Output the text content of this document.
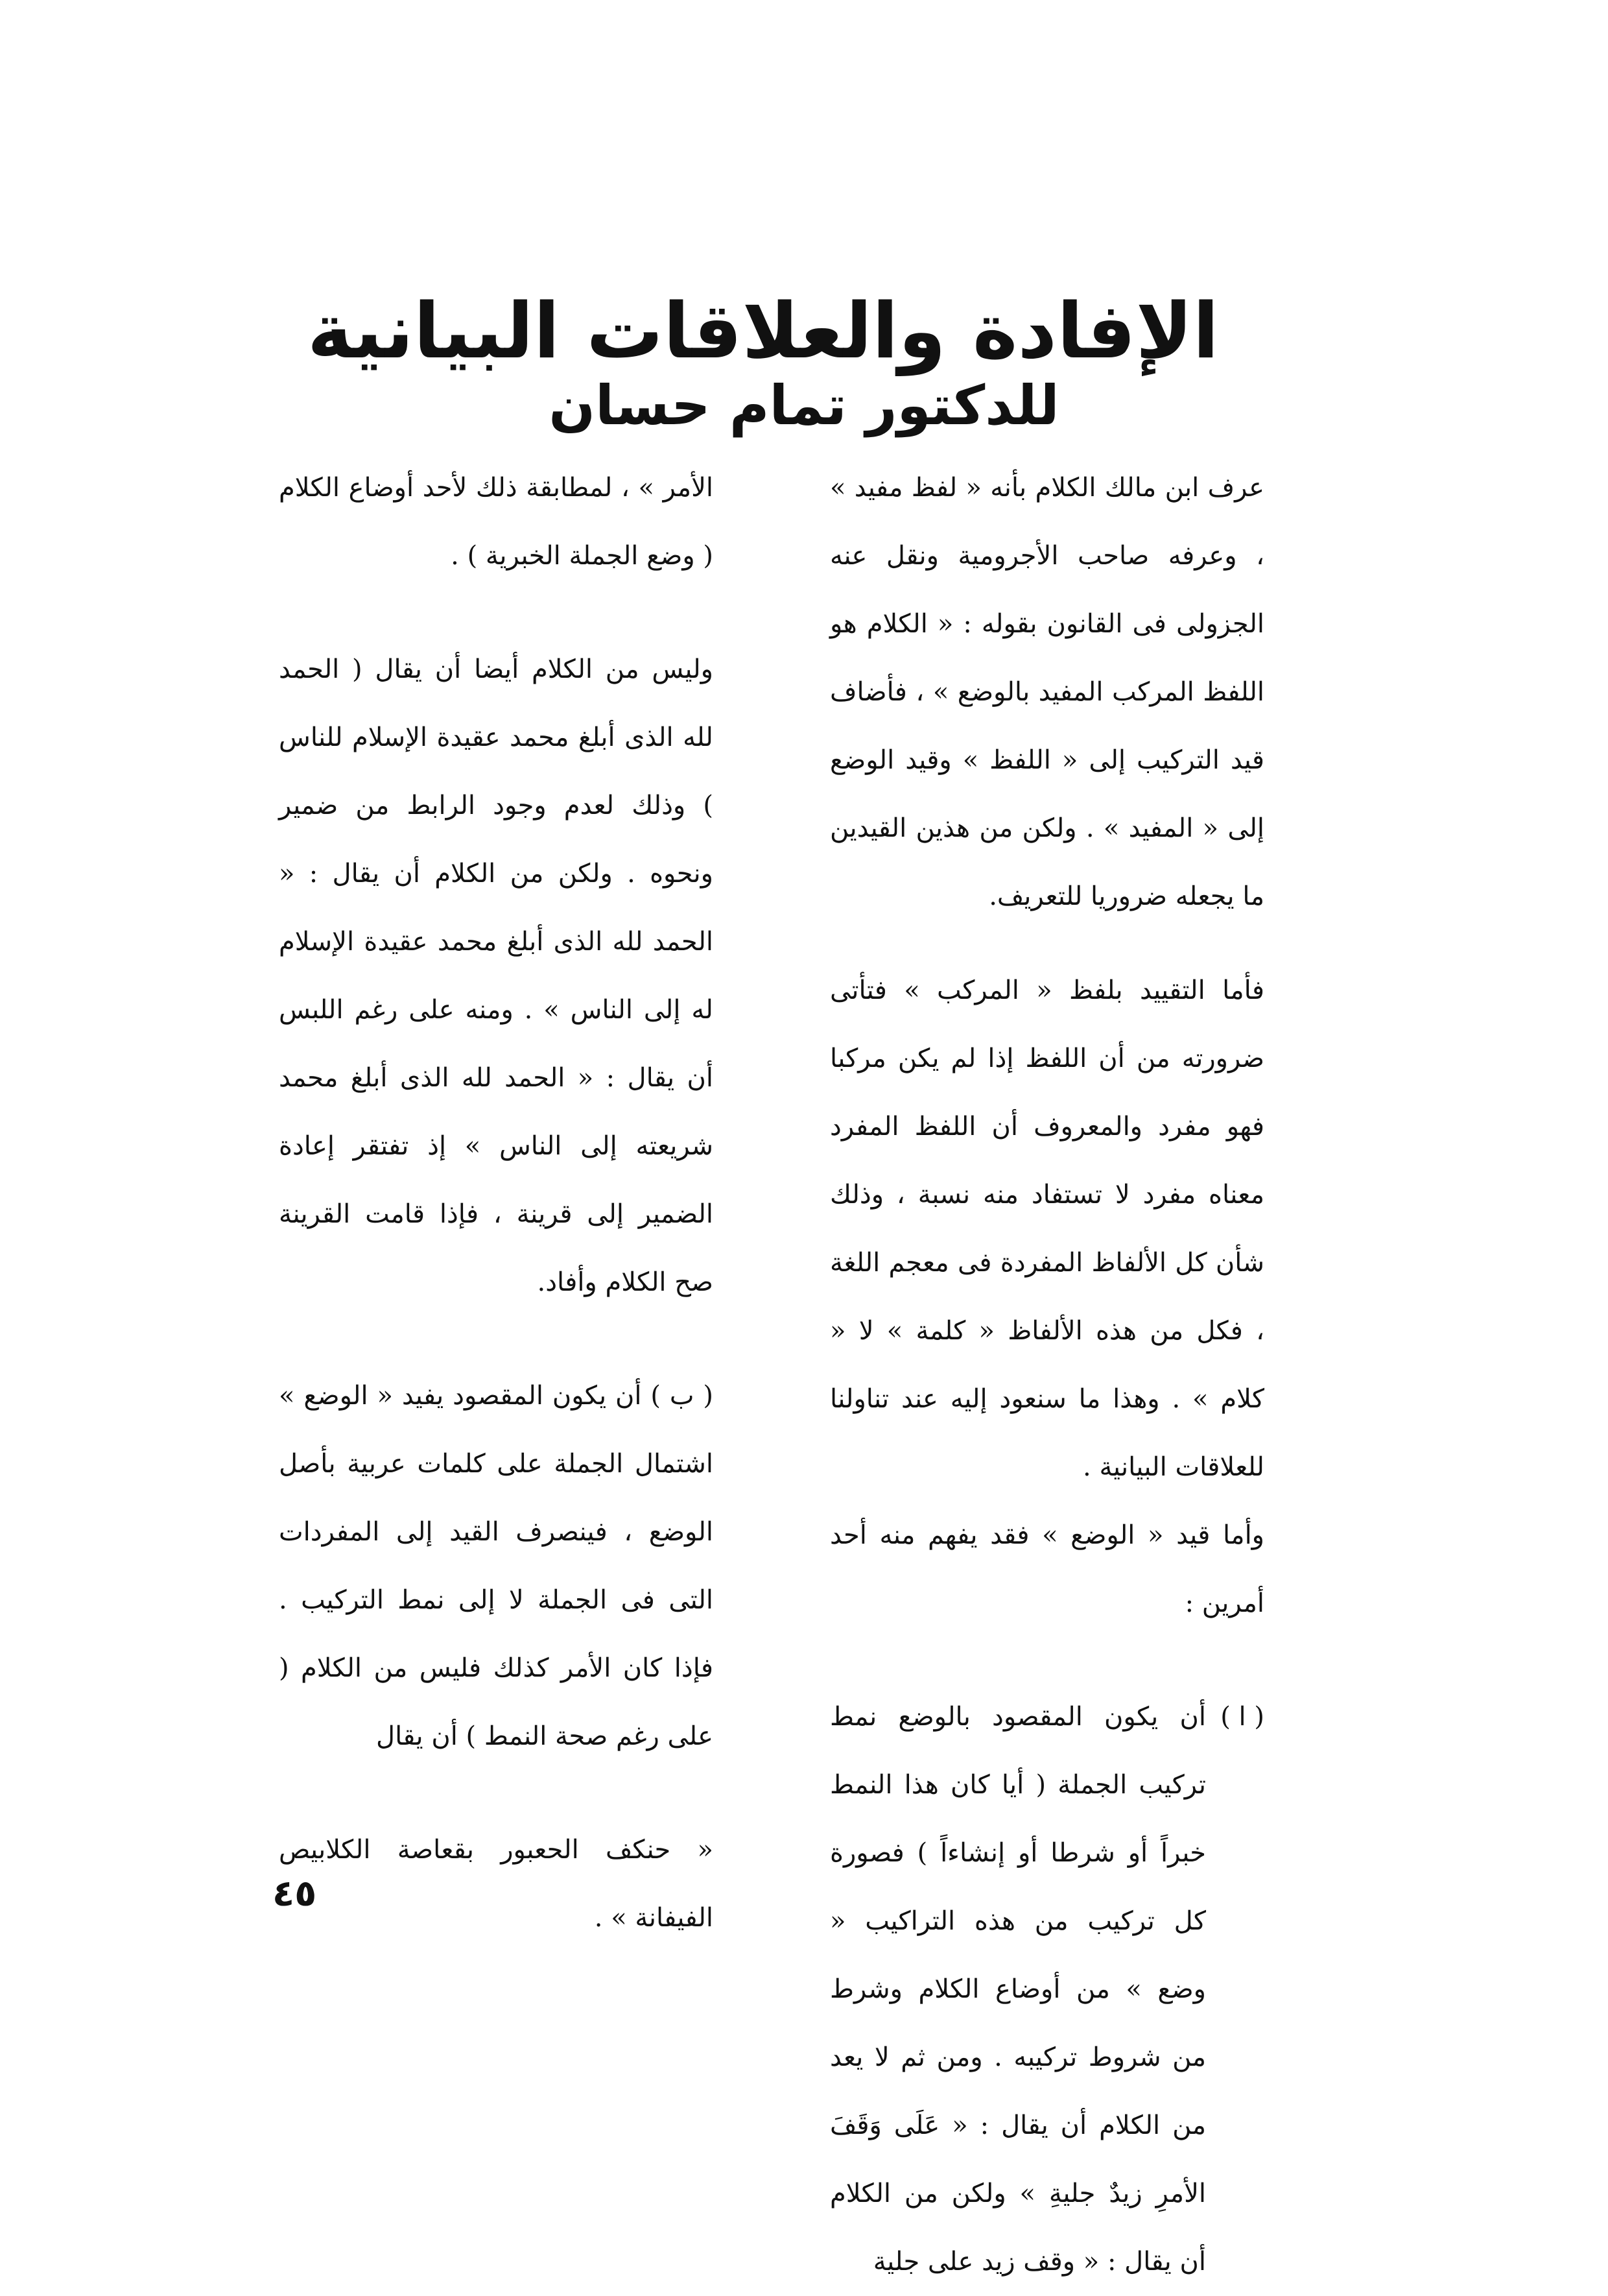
الإفادة والعلاقات البيانية
للدكتور تمام حسان

عرف ابن مالك الكلام بأنه « لفظ مفيد » ، وعرفه صاحب الأجرومية ونقل عنه الجزولى فى القانون بقوله : « الكلام هو اللفظ المركب المفيد بالوضع » ، فأضاف قيد التركيب إلى « اللفظ » وقيد الوضع إلى « المفيد » . ولكن من هذين القيدين ما يجعله ضروريا للتعريف.

فأما التقييد بلفظ « المركب » فتأتى ضرورته من أن اللفظ إذا لم يكن مركبا فهو مفرد والمعروف أن اللفظ المفرد معناه مفرد لا تستفاد منه نسبة ، وذلك شأن كل الألفاظ المفردة فى معجم اللغة ، فكل من هذه الألفاظ « كلمة » لا « كلام » . وهذا ما سنعود إليه عند تناولنا للعلاقات البيانية .

وأما قيد « الوضع » فقد يفهم منه أحد أمرين :

( ا )

أن يكون المقصود بالوضع نمط تركيب الجملة ( أيا كان هذا النمط خبراً أو شرطا أو إنشاءاً ) فصورة كل تركيب من هذه التراكيب « وضع » من أوضاع الكلام وشرط من شروط تركيبه . ومن ثم لا يعد من الكلام أن يقال : « عَلَى وَقَفَ الأمرِ زيدٌ جليةِ » ولكن من الكلام أن يقال : « وقف زيد على جلية

الأمر » ، لمطابقة ذلك لأحد أوضاع الكلام ( وضع الجملة الخبرية ) .

وليس من الكلام أيضا أن يقال ( الحمد لله الذى أبلغ محمد عقيدة الإسلام للناس ) وذلك لعدم وجود الرابط من ضمير ونحوه . ولكن من الكلام أن يقال : « الحمد لله الذى أبلغ محمد عقيدة الإسلام له إلى الناس » . ومنه على رغم اللبس أن يقال : « الحمد لله الذى أبلغ محمد شريعته إلى الناس » إذ تفتقر إعادة الضمير إلى قرينة ، فإذا قامت القرينة صح الكلام وأفاد.

( ب ) أن يكون المقصود يفيد « الوضع » اشتمال الجملة على كلمات عربية بأصل الوضع ، فينصرف القيد إلى المفردات التى فى الجملة لا إلى نمط التركيب . فإذا كان الأمر كذلك فليس من الكلام ( على رغم صحة النمط ) أن يقال

« حنكف الحعبور بقعاصة الكلابيص الفيفانة » .

٤٥
